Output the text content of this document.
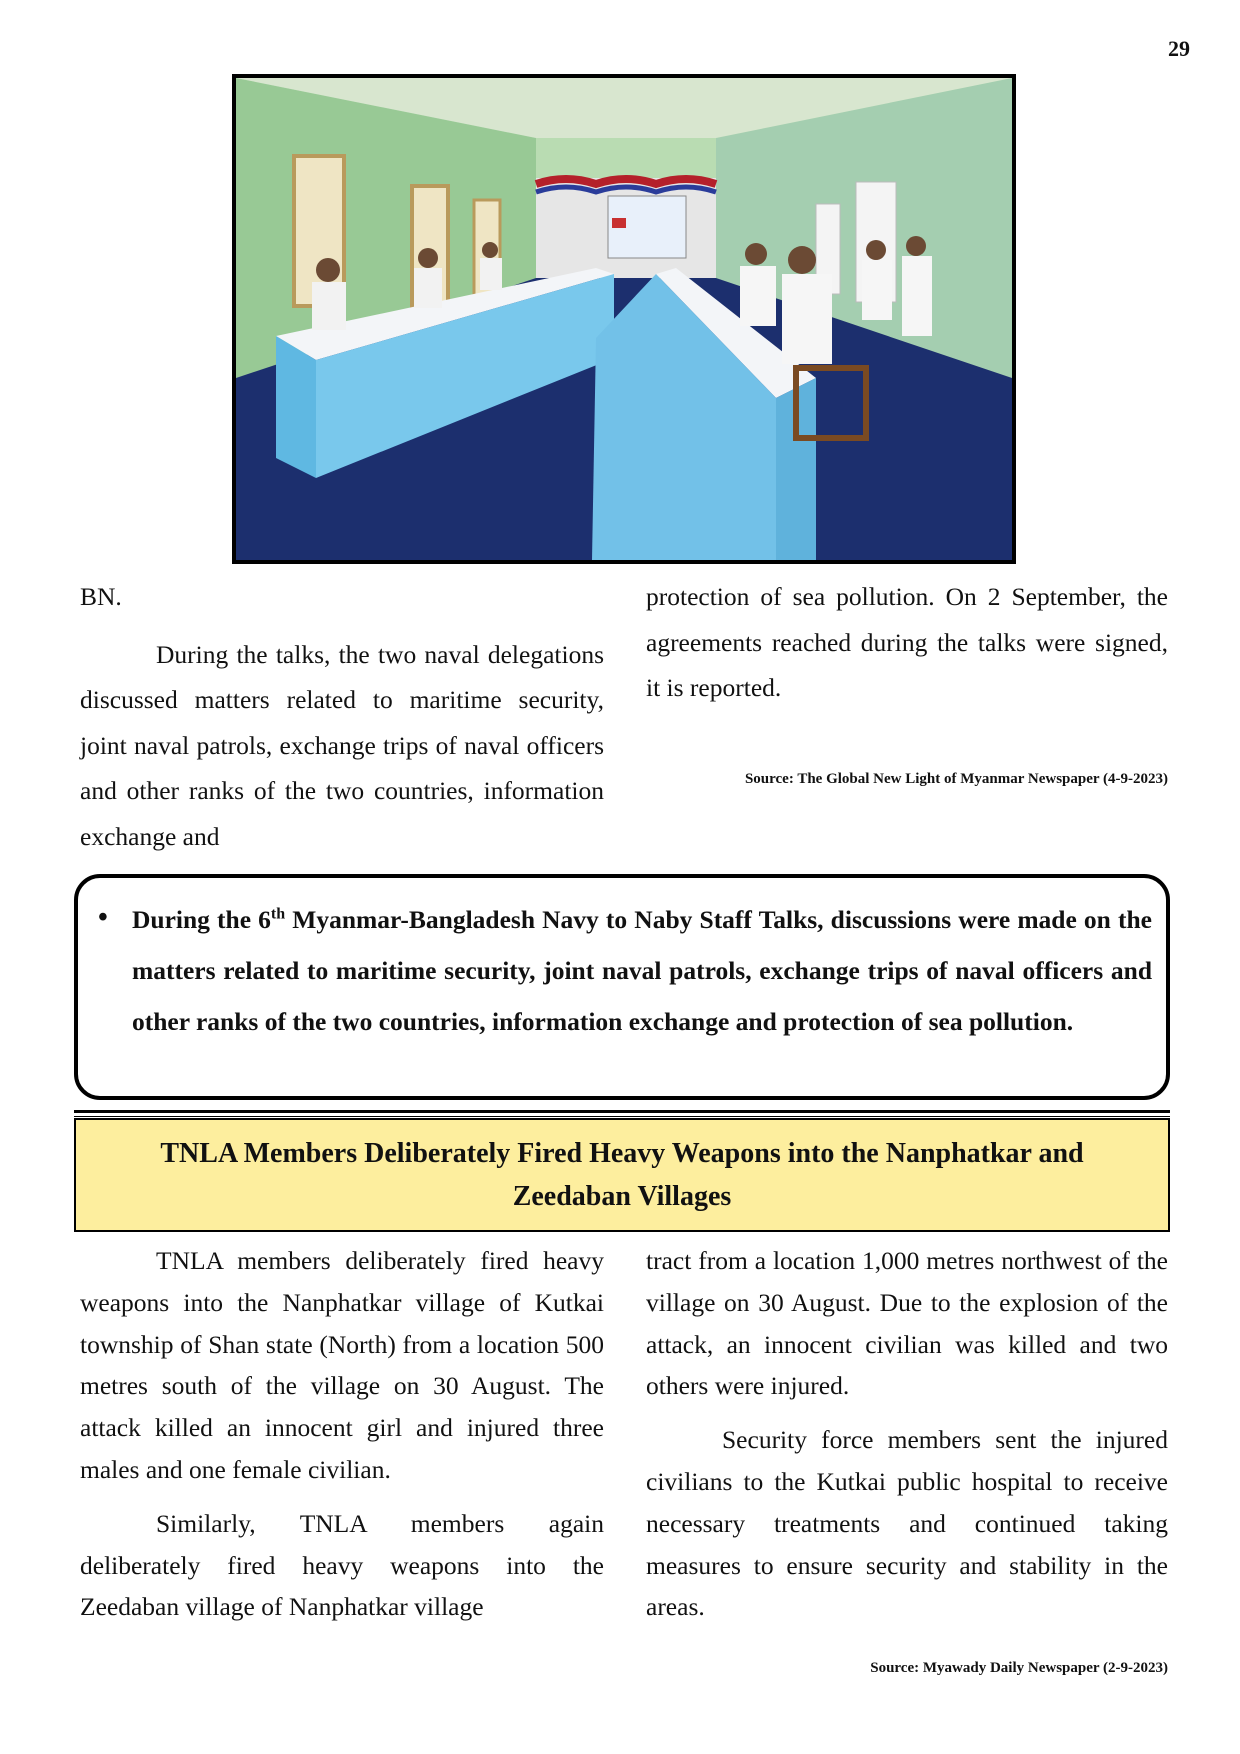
29

BN.

During the talks, the two naval delegations discussed matters related to maritime security, joint naval patrols, exchange trips of naval officers and other ranks of the two countries, information exchange and

protection of sea pollution. On 2 September, the agreements reached during the talks were signed, it is reported.

Source: The Global New Light of Myanmar Newspaper (4-9-2023)
• During the 6th Myanmar-Bangladesh Navy to Naby Staff Talks, discussions were made on the matters related to maritime security, joint naval patrols, exchange trips of naval officers and other ranks of the two countries, information exchange and protection of sea pollution.
TNLA Members Deliberately Fired Heavy Weapons into the Nanphatkar and
Zeedaban Villages

TNLA members deliberately fired heavy weapons into the Nanphatkar village of Kutkai township of Shan state (North) from a location 500 metres south of the village on 30 August. The attack killed an innocent girl and injured three males and one female civilian.

Similarly, TNLA members again deliberately fired heavy weapons into the Zeedaban village of Nanphatkar village

tract from a location 1,000 metres northwest of the village on 30 August. Due to the explosion of the attack, an innocent civilian was killed and two others were injured.

Security force members sent the injured civilians to the Kutkai public hospital to receive necessary treatments and continued taking measures to ensure security and stability in the areas.

Source: Myawady Daily Newspaper (2-9-2023)
